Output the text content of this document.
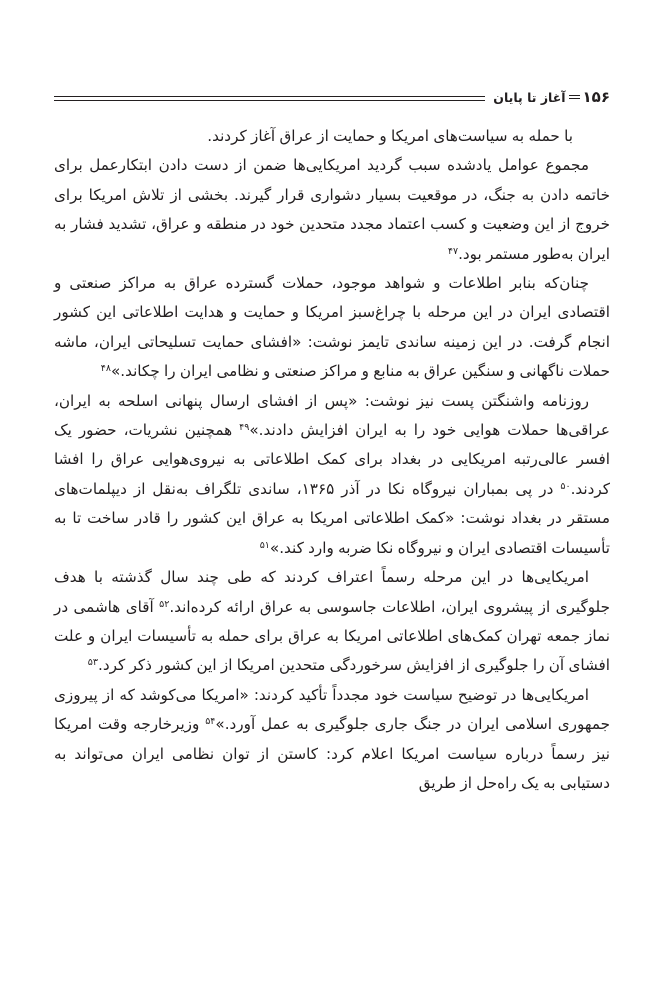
۱۵۶
آغاز تا پایان

با حمله به سیاست‌های امریکا و حمایت از عراق آغاز کردند.

مجموع عوامل یادشده سبب گردید امریکایی‌ها ضمن از دست دادن ابتکارعمل برای خاتمه دادن به جنگ، در موقعیت بسیار دشواری قرار گیرند. بخشی از تلاش امریکا برای خروج از این وضعیت و کسب اعتماد مجدد متحدین خود در منطقه و عراق، تشدید فشار به ایران به‌طور مستمر بود.$^{۴۷}$

چنان‌که بنابر اطلاعات و شواهد موجود، حملات گسترده عراق به مراکز صنعتی و اقتصادی ایران در این مرحله با چراغ‌سبز امریکا و حمایت و هدایت اطلاعاتی این کشور انجام گرفت. در این زمینه ساندی تایمز نوشت: «افشای حمایت تسلیحاتی ایران، ماشه حملات ناگهانی و سنگین عراق به منابع و مراکز صنعتی و نظامی ایران را چکاند.»$^{۴۸}$

روزنامه واشنگتن پست نیز نوشت: «پس از افشای ارسال پنهانی اسلحه به ایران، عراقی‌ها حملات هوایی خود را به ایران افزایش دادند.»$^{۴۹}$ همچنین نشریات، حضور یک افسر عالی‌رتبه امریکایی در بغداد برای کمک اطلاعاتی به نیروی‌هوایی عراق را افشا کردند.$^{۵۰}$ در پی بمباران نیروگاه نکا در آذر ۱۳۶۵، ساندی تلگراف به‌نقل از دیپلمات‌های مستقر در بغداد نوشت: «کمک اطلاعاتی امریکا به عراق این کشور را قادر ساخت تا به تأسیسات اقتصادی ایران و نیروگاه نکا ضربه وارد کند.»$^{۵۱}$

امریکایی‌ها در این مرحله رسماً اعتراف کردند که طی چند سال گذشته با هدف جلوگیری از پیشروی ایران، اطلاعات جاسوسی به عراق ارائه کرده‌اند.$^{۵۲}$ آقای هاشمی در نماز جمعه تهران کمک‌های اطلاعاتی امریکا به عراق برای حمله به تأسیسات ایران و علت افشای آن را جلوگیری از افزایش سرخوردگی متحدین امریکا از این کشور ذکر کرد.$^{۵۳}$

امریکایی‌ها در توضیح سیاست خود مجدداً تأکید کردند: «امریکا می‌کوشد که از پیروزی جمهوری اسلامی ایران در جنگ جاری جلوگیری به عمل آورد.»$^{۵۴}$ وزیرخارجه وقت امریکا نیز رسماً درباره سیاست امریکا اعلام کرد: کاستن از توان نظامی ایران می‌تواند به دستیابی به یک راه‌حل از طریق
